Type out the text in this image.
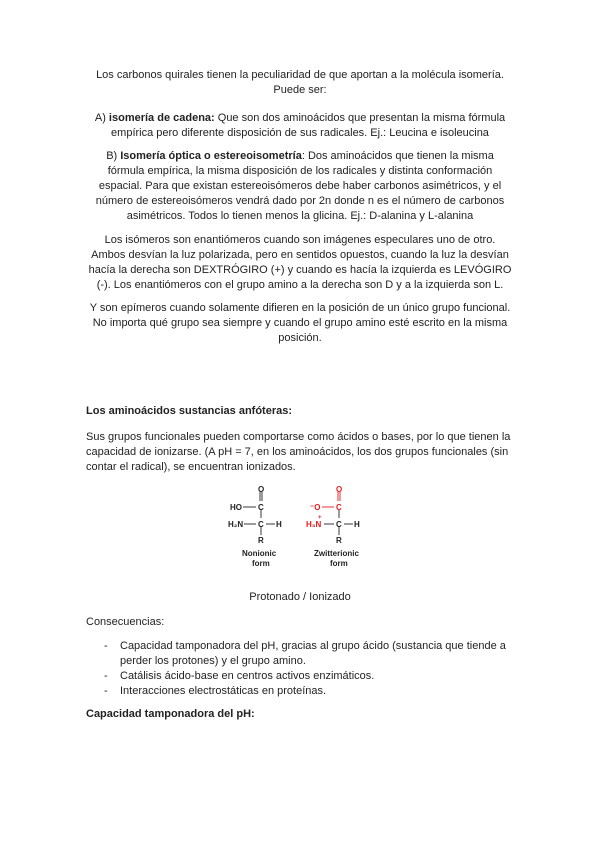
Los carbonos quirales tienen la peculiaridad de que aportan a la molécula isomería.
Puede ser:
A) isomería de cadena: Que son dos aminoácidos que presentan la misma fórmula
empírica pero diferente disposición de sus radicales. Ej.: Leucina e isoleucina
B) Isomería óptica o estereoisometría: Dos aminoácidos que tienen la misma
fórmula empírica, la misma disposición de los radicales y distinta conformación
espacial. Para que existan estereoisómeros debe haber carbonos asimétricos, y el
número de estereoisómeros vendrá dado por 2n donde n es el número de carbonos
asimétricos. Todos lo tienen menos la glicina. Ej.: D-alanina y L-alanina
Los isómeros son enantiómeros cuando son imágenes especulares uno de otro.
Ambos desvían la luz polarizada, pero en sentidos opuestos, cuando la luz la desvían
hacía la derecha son DEXTRÓGIRO (+) y cuando es hacía la izquierda es LEVÓGIRO
(-). Los enantiómeros con el grupo amino a la derecha son D y a la izquierda son L.
Y son epímeros cuando solamente difieren en la posición de un único grupo funcional.
No importa qué grupo sea siempre y cuando el grupo amino esté escrito en la misma
posición.
Los aminoácidos sustancias anfóteras:
Sus grupos funcionales pueden comportarse como ácidos o bases, por lo que tienen la
capacidad de ionizarse. (A pH = 7, en los aminoácidos, los dos grupos funcionales (sin
contar el radical), se encuentran ionizados.
O
HO C
H₂N C H
R
Nonionic
form
O
⁻O C
H₃N
+
C H
R
Zwitterionic
form
Protonado / Ionizado
Consecuencias:
- Capacidad tamponadora del pH, gracias al grupo ácido (sustancia que tiende a
perder los protones) y el grupo amino.
- Catálisis ácido-base en centros activos enzimáticos.
- Interacciones electrostáticas en proteínas.
Capacidad tamponadora del pH:
